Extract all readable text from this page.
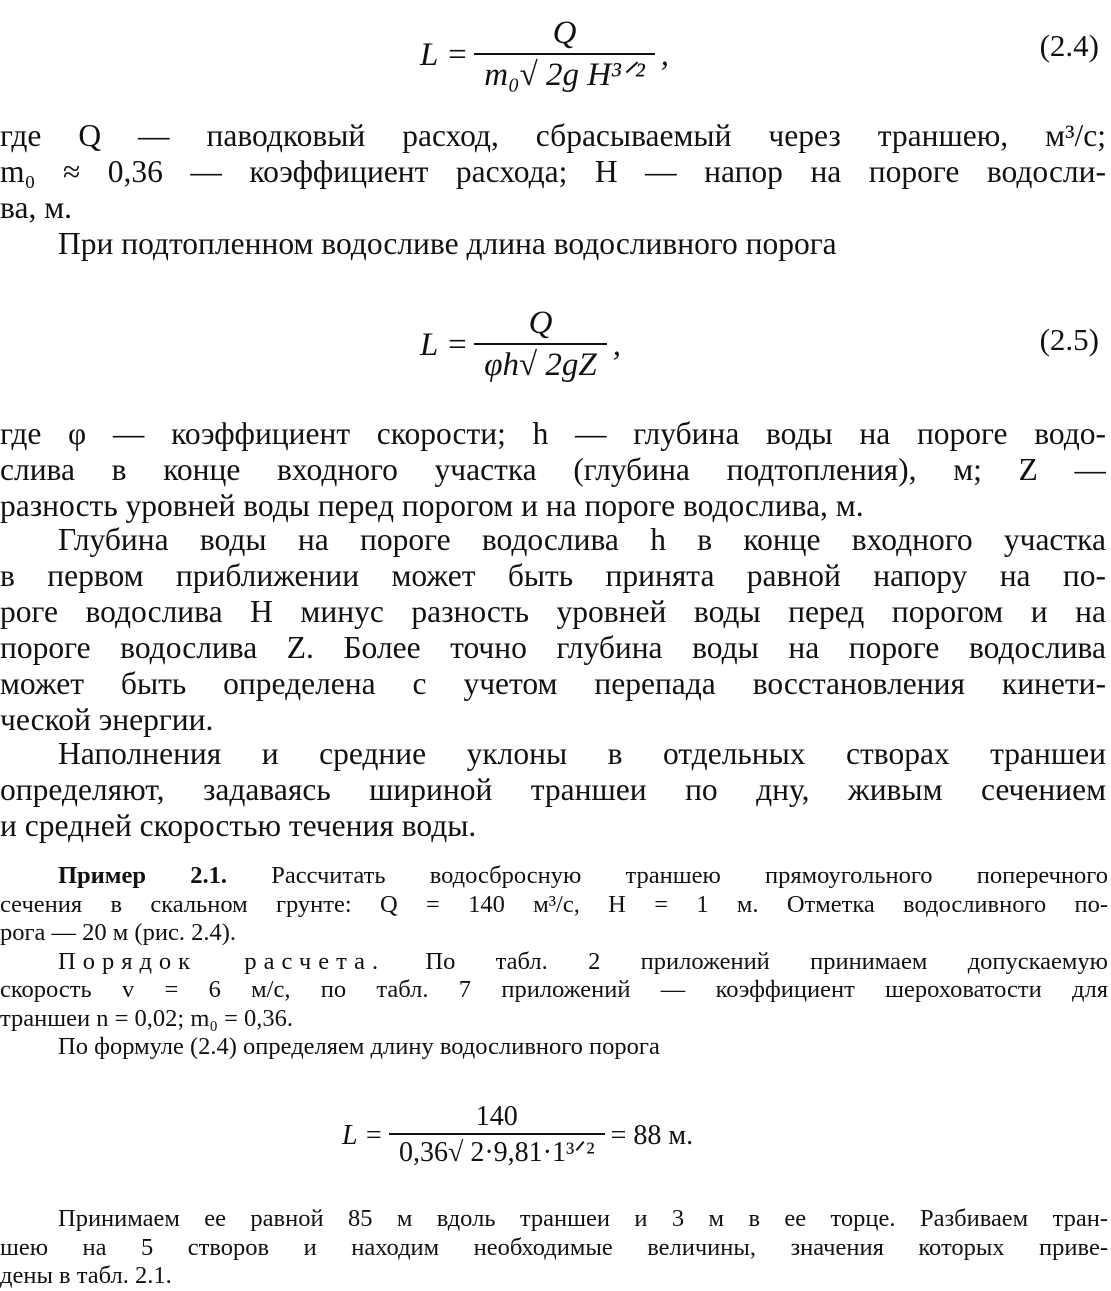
$L = \frac{Q}{\text{m₀√ 2g H³ᐟ²}}$ ,	(2.4)
где Q — паводковый расход, сбрасываемый через траншею, м³/с;
m₀ ≈ 0,36 — коэффициент расхода; H — напор на пороге водосли-
ва, м.
При подтопленном водосливе длина водосливного порога
$L = \frac{Q}{\varphi h√ 2gZ}$ ,	(2.5)
где φ — коэффициент скорости; h — глубина воды на пороге водо-
слива в конце входного участка (глубина подтопления), м; Z —
разность уровней воды перед порогом и на пороге водослива, м.
Глубина воды на пороге водослива h в конце входного участка
в первом приближении может быть принята равной напору на по-
роге водослива H минус разность уровней воды перед порогом и на
пороге водослива Z. Более точно глубина воды на пороге водослива
может быть определена с учетом перепада восстановления кинети-
ческой энергии.
Наполнения и средние уклоны в отдельных створах траншеи
определяют, задаваясь шириной траншеи по дну, живым сечением
и средней скоростью течения воды.
Пример 2.1. Рассчитать водосбросную траншею прямоугольного поперечного
сечения в скальном грунте: Q = 140 м³/с, H = 1 м. Отметка водосливного по-
рога — 20 м (рис. 2.4).
Порядок расчета. По табл. 2 приложений принимаем допускаемую
скорость v = 6 м/с, по табл. 7 приложений — коэффициент шероховатости для
траншеи n = 0,02; m₀ = 0,36.
По формуле (2.4) определяем длину водосливного порога
$L = \frac{140}{\text{0,36√ 2·9,81·1³ᐟ²}} = 88$ м.
Принимаем ее равной 85 м вдоль траншеи и 3 м в ее торце. Разбиваем тран-
шею на 5 створов и находим необходимые величины, значения которых приве-
дены в табл. 2.1.
